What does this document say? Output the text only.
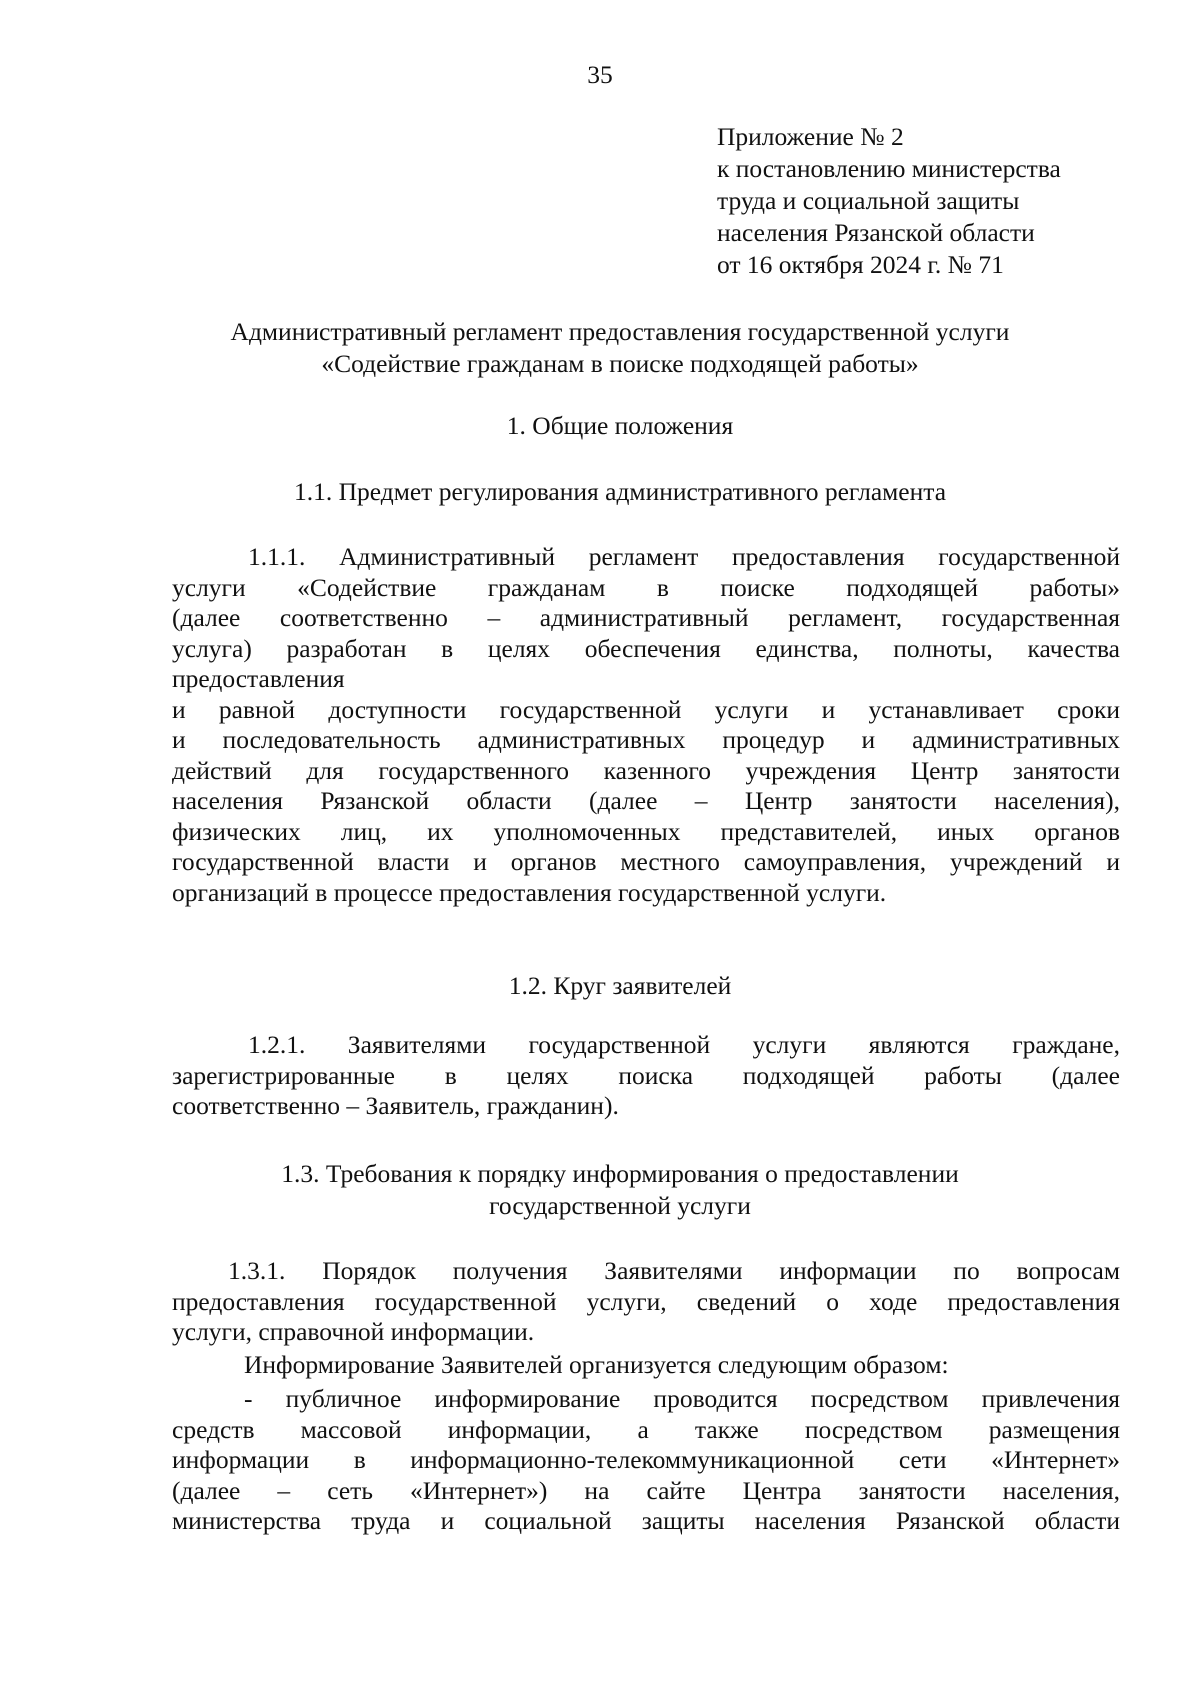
35
Приложение № 2
к постановлению министерства
труда и социальной защиты
населения Рязанской области
от 16 октября 2024 г. № 71
Административный регламент предоставления государственной услуги
«Содействие гражданам в поиске подходящей работы»
1. Общие положения
1.1. Предмет регулирования административного регламента
1.1.1. Административный регламент предоставления государственной
услуги «Содействие гражданам в поиске подходящей работы»
(далее соответственно – административный регламент, государственная
услуга) разработан в целях обеспечения единства, полноты, качества
предоставления
и равной доступности государственной услуги и устанавливает сроки
и последовательность административных процедур и административных
действий для государственного казенного учреждения Центр занятости
населения Рязанской области (далее – Центр занятости населения),
физических лиц, их уполномоченных представителей, иных органов
государственной власти и органов местного самоуправления, учреждений и
организаций в процессе предоставления государственной услуги.
1.2. Круг заявителей
1.2.1. Заявителями государственной услуги являются граждане,
зарегистрированные в целях поиска подходящей работы (далее
соответственно – Заявитель, гражданин).
1.3. Требования к порядку информирования о предоставлении
государственной услуги
1.3.1. Порядок получения Заявителями информации по вопросам
предоставления государственной услуги, сведений о ходе предоставления
услуги, справочной информации.
Информирование Заявителей организуется следующим образом:
- публичное информирование проводится посредством привлечения
средств массовой информации, а также посредством размещения
информации в информационно-телекоммуникационной сети «Интернет»
(далее – сеть «Интернет») на сайте Центра занятости населения,
министерства труда и социальной защиты населения Рязанской области
